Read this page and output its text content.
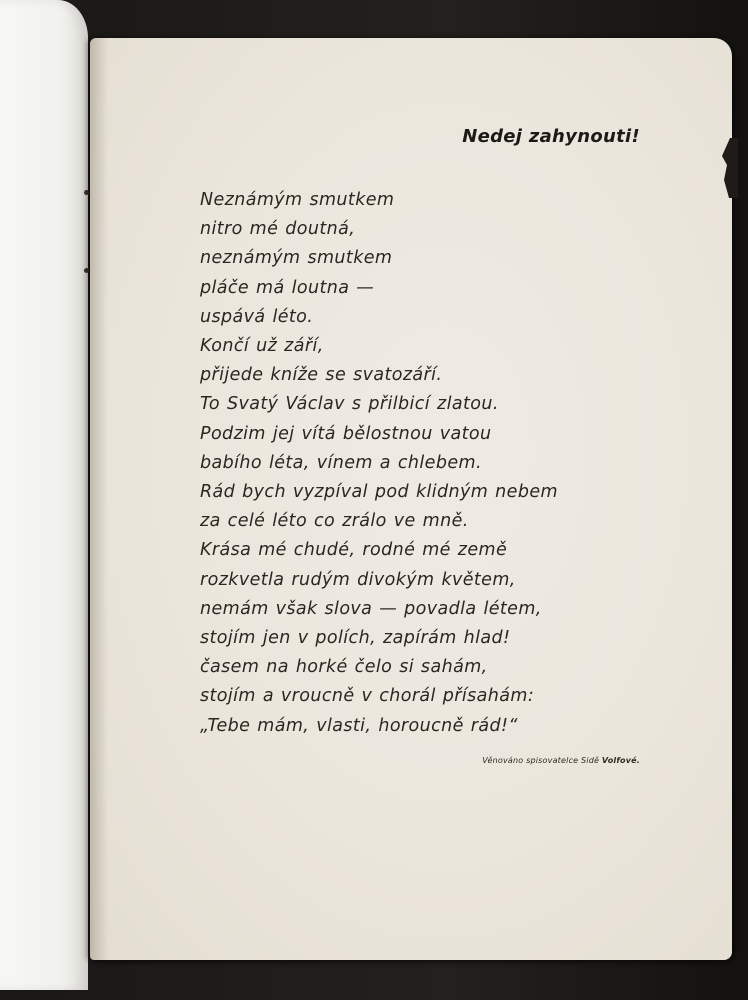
Nedej zahynouti!
Neznámým smutkem
nitro mé doutná,
neznámým smutkem
pláče má loutna —
uspává léto.
Končí už září,
přijede kníže se svatozáří.
To Svatý Václav s přilbicí zlatou.
Podzim jej vítá bělostnou vatou
babího léta, vínem a chlebem.
Rád bych vyzpíval pod klidným nebem
za celé léto co zrálo ve mně.
Krása mé chudé, rodné mé země
rozkvetla rudým divokým květem,
nemám však slova — povadla létem,
stojím jen v polích, zapírám hlad!
časem na horké čelo si sahám,
stojím a vroucně v chorál přísahám:
„Tebe mám, vlasti, horoucně rád!“

Věnováno spisovatelce Sidě Volfové.
